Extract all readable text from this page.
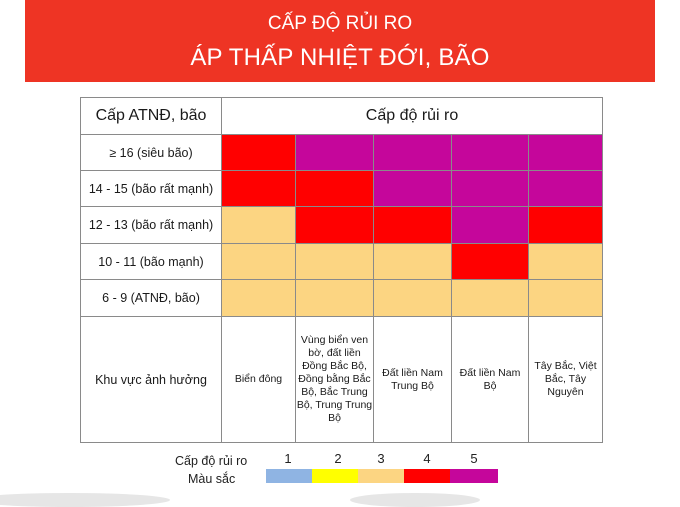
CẤP ĐỘ RỦI RO
ÁP THẤP NHIỆT ĐỚI, BÃO
Cấp ATNĐ, bão	Cấp độ rủi ro				
≥ 16 (siêu bão)					
14 - 15 (bão rất mạnh)					
12 - 13 (bão rất mạnh)					
10 - 11 (bão mạnh)					
6 - 9 (ATNĐ, bão)					
Khu vực ảnh hưởng	Biển đông	Vùng biển ven bờ, đất liền Đồng Bắc Bộ, Đồng bằng Bắc Bộ, Bắc Trung Bộ, Trung Trung Bộ	Đất liền Nam Trung Bộ	Đất liền Nam Bộ	Tây Bắc, Việt Bắc, Tây Nguyên
Cấp độ rủi ro
Màu sắc
1	2	3	4	5
